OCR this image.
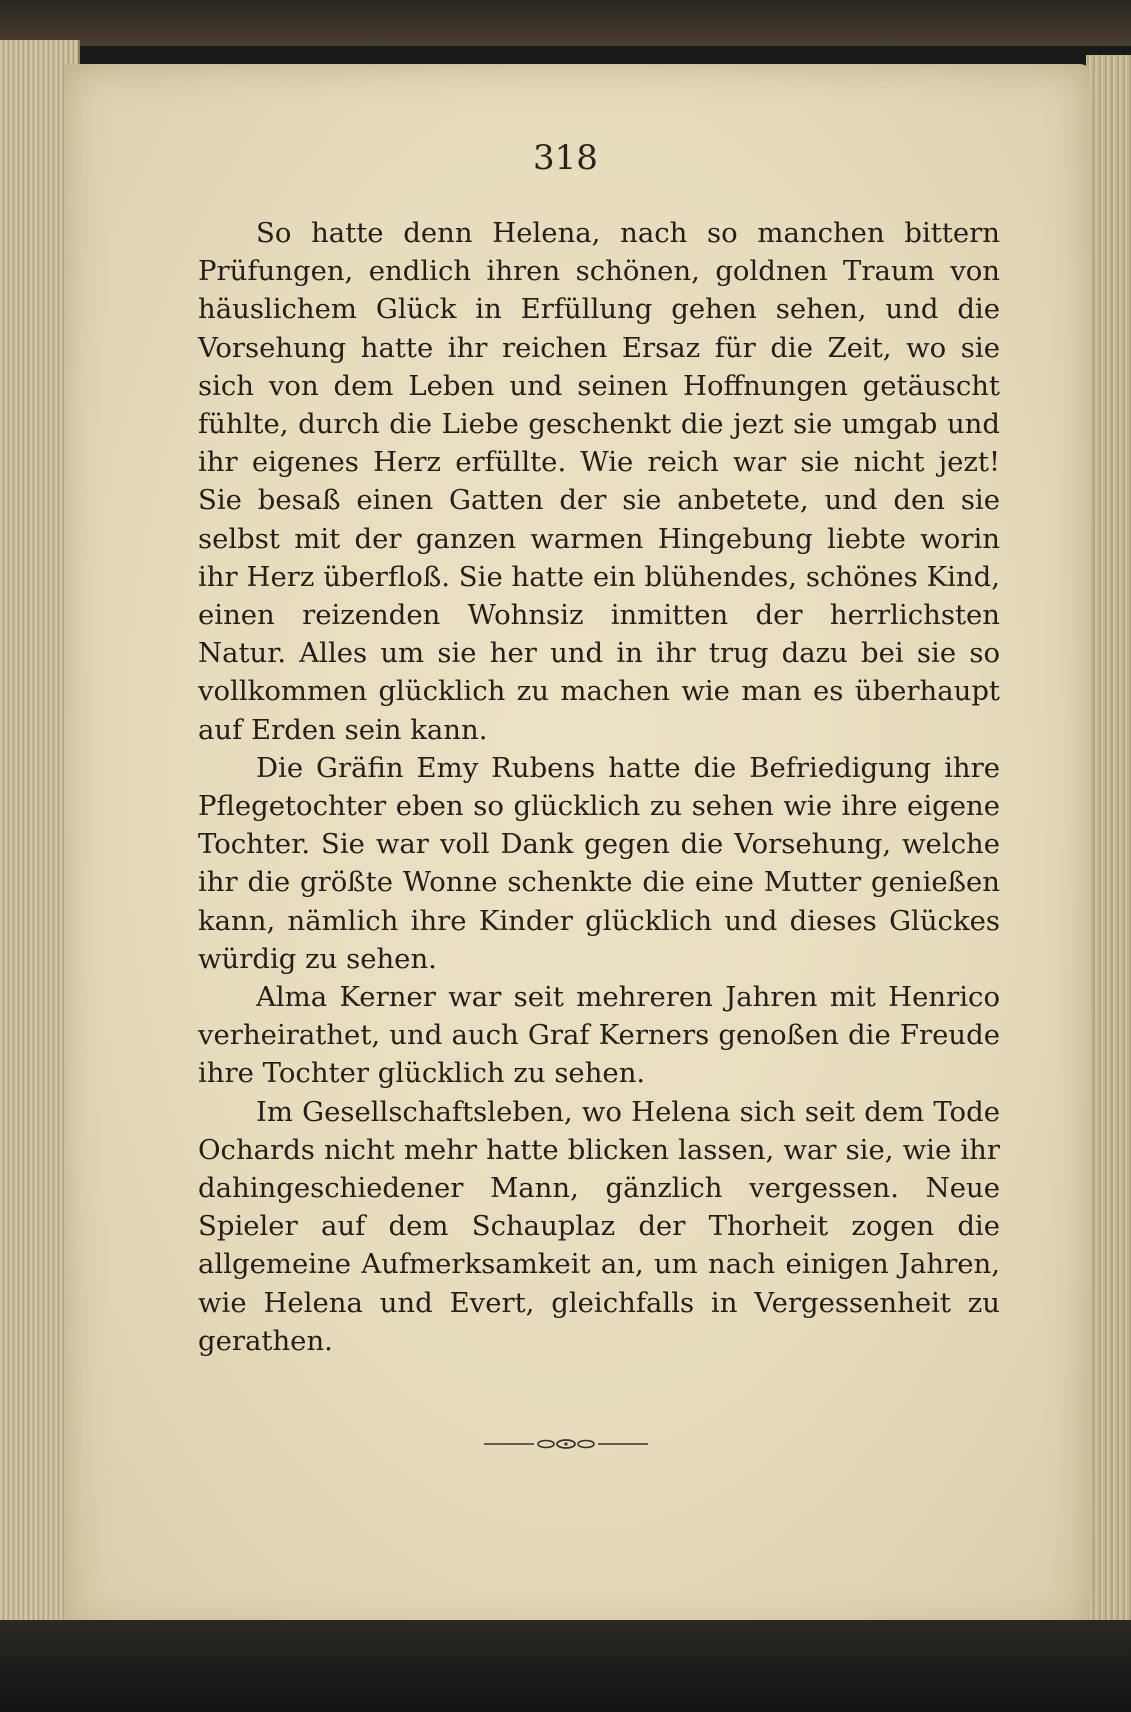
318

So hatte denn Helena, nach so manchen bittern Prüfungen, endlich ihren schönen, goldnen Traum von häuslichem Glück in Erfüllung gehen sehen, und die Vorsehung hatte ihr reichen Ersaz für die Zeit, wo sie sich von dem Leben und seinen Hoffnungen getäuscht fühlte, durch die Liebe geschenkt die jezt sie umgab und ihr eigenes Herz erfüllte. Wie reich war sie nicht jezt! Sie besaß einen Gatten der sie anbetete, und den sie selbst mit der ganzen warmen Hingebung liebte worin ihr Herz überfloß. Sie hatte ein blühendes, schönes Kind, einen reizenden Wohnsiz inmitten der herrlichsten Natur. Alles um sie her und in ihr trug dazu bei sie so vollkommen glücklich zu machen wie man es überhaupt auf Erden sein kann.

Die Gräfin Emy Rubens hatte die Befriedigung ihre Pflegetochter eben so glücklich zu sehen wie ihre eigene Tochter. Sie war voll Dank gegen die Vorsehung, welche ihr die größte Wonne schenkte die eine Mutter genießen kann, nämlich ihre Kinder glücklich und dieses Glückes würdig zu sehen.

Alma Kerner war seit mehreren Jahren mit Henrico verheirathet, und auch Graf Kerners genoßen die Freude ihre Tochter glücklich zu sehen.

Im Gesellschaftsleben, wo Helena sich seit dem Tode Ochards nicht mehr hatte blicken lassen, war sie, wie ihr dahingeschiedener Mann, gänzlich vergessen. Neue Spieler auf dem Schauplaz der Thorheit zogen die allgemeine Aufmerksamkeit an, um nach einigen Jahren, wie Helena und Evert, gleichfalls in Vergessenheit zu gerathen.
